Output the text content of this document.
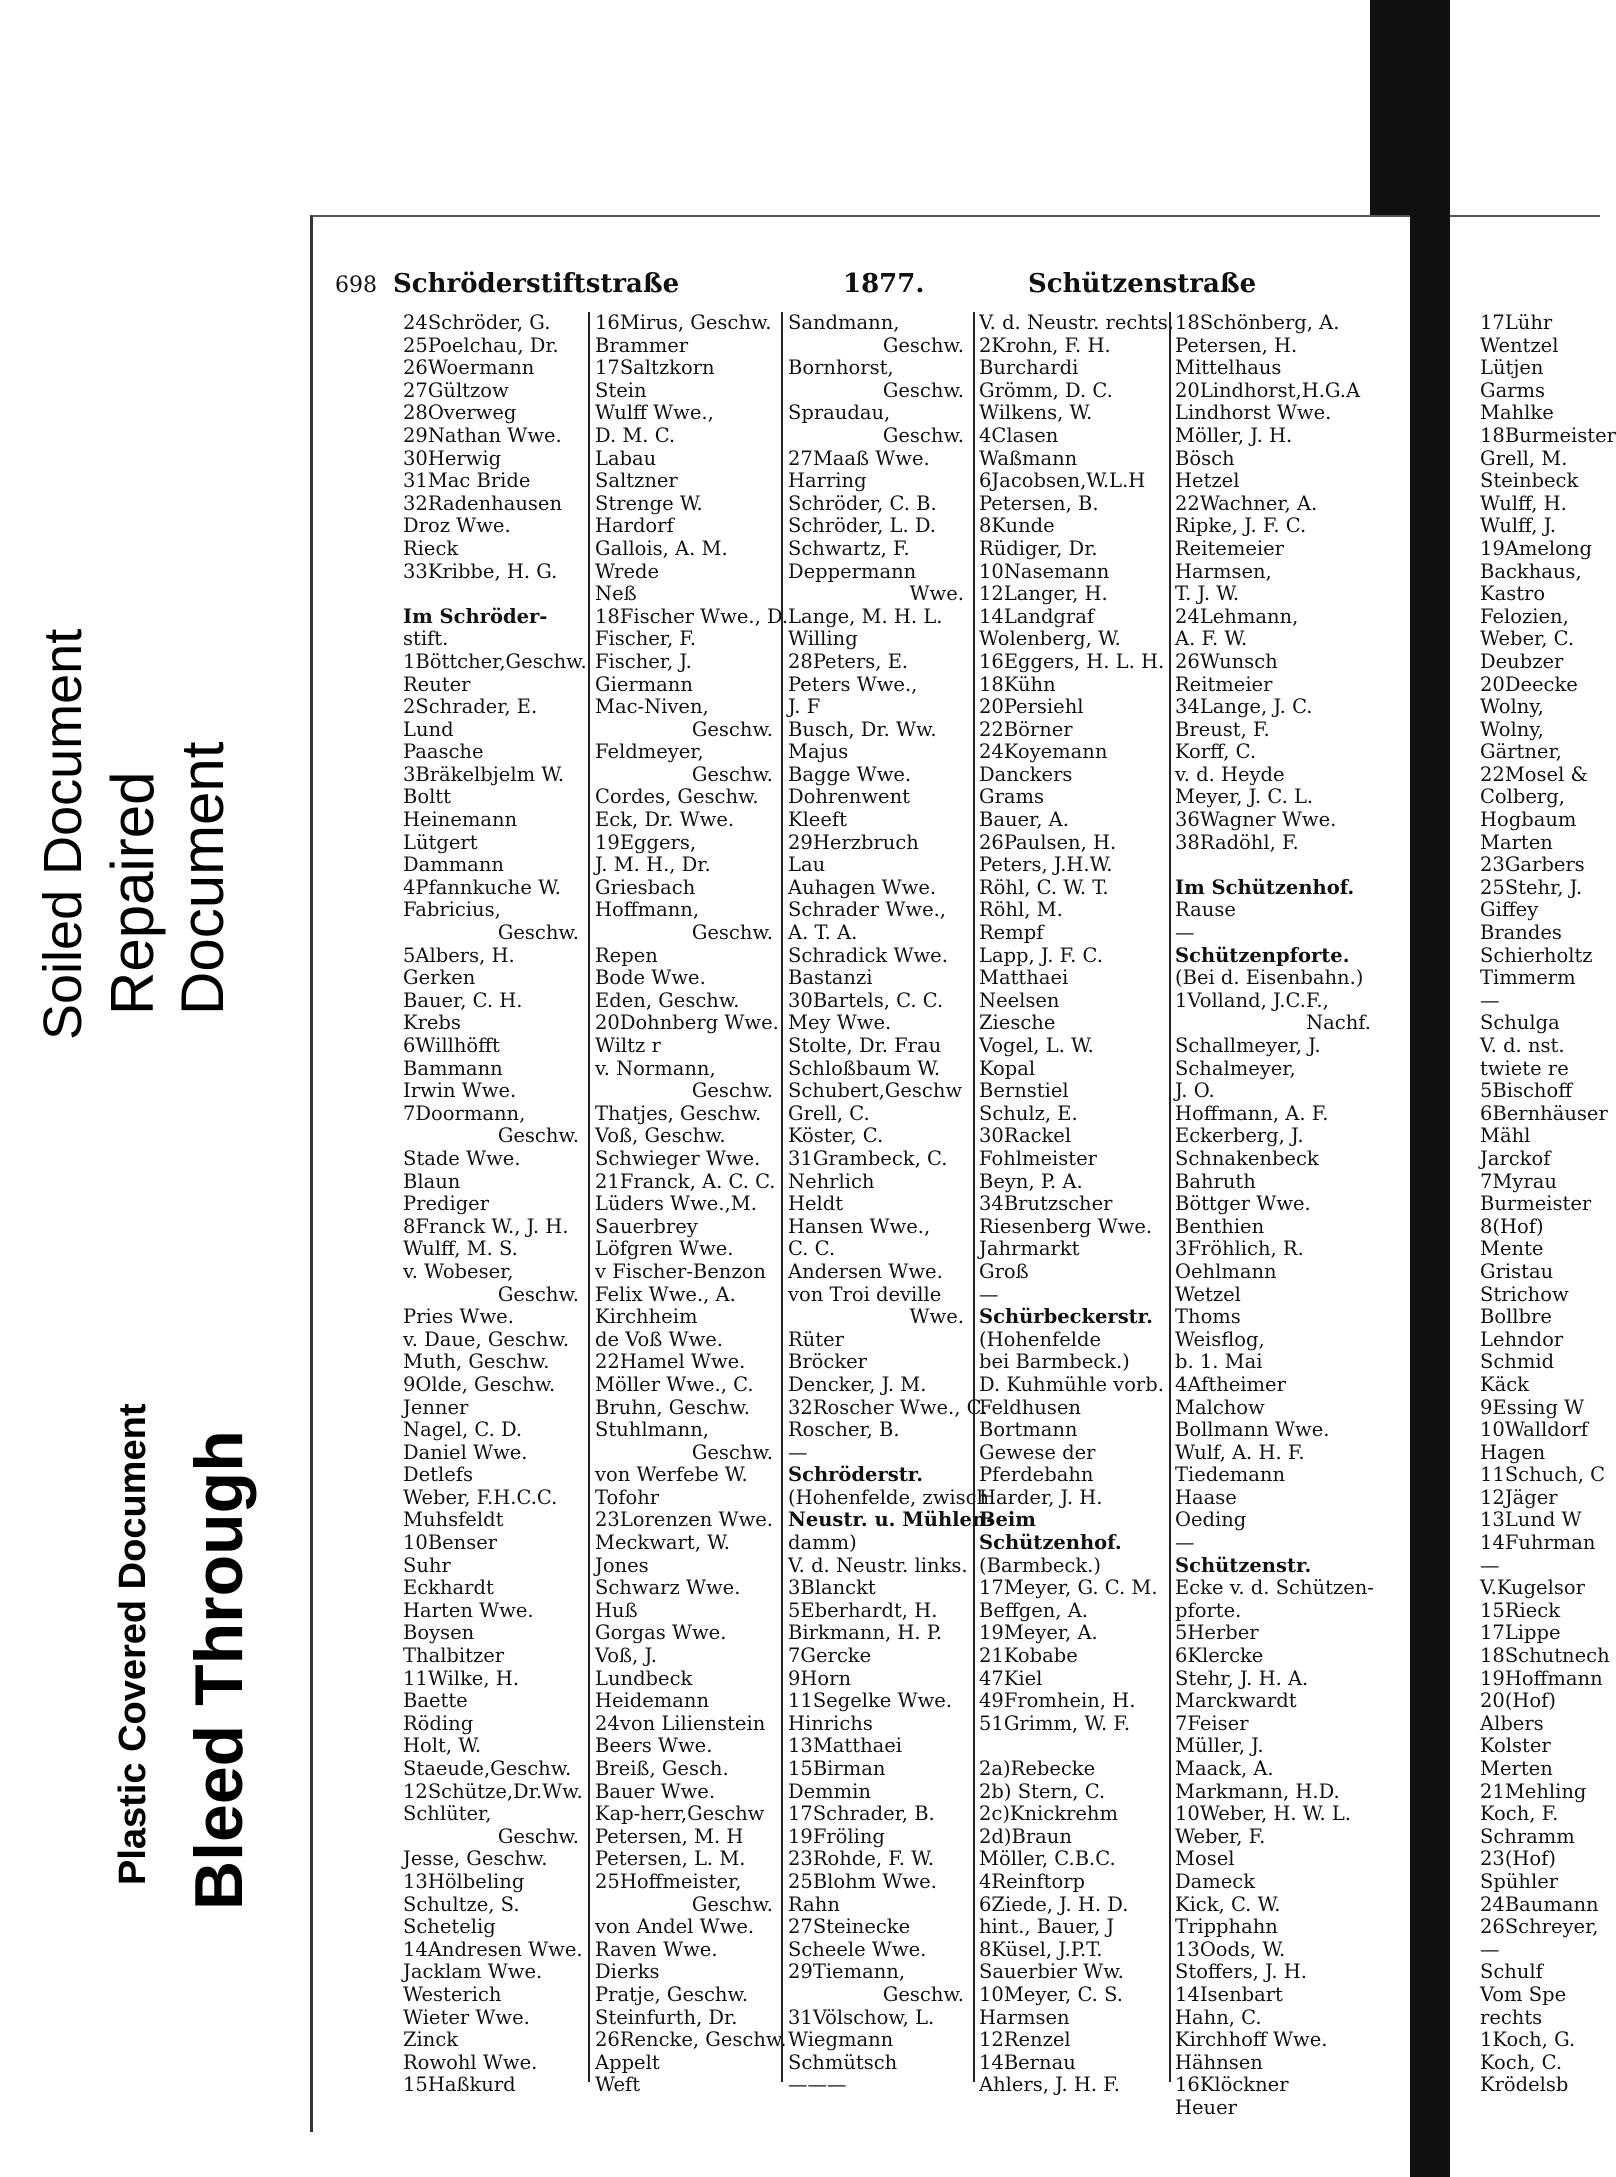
Soiled Document Repaired Document
Plastic Covered Document Bleed Through
698 Schröderstiftstraße	1877.	Schützenstraße
24Schröder, G.
25Poelchau, Dr.
26Woermann
27Gültzow
28Overweg
29Nathan Wwe.
30Herwig
31Mac Bride
32Radenhausen
Droz Wwe.
Rieck
33Kribbe, H. G.
Im Schröder-
stift.
1Böttcher,Geschw.
Reuter
2Schrader, E.
Lund
Paasche
3Bräkelbjelm W.
Boltt
Heinemann
Lütgert
Dammann
4Pfannkuche W.
Fabricius,
Geschw.
5Albers, H.
Gerken
Bauer, C. H.
Krebs
6Willhöfft
Bammann
Irwin Wwe.
7Doormann,
Geschw.
Stade Wwe.
Blaun
Prediger
8Franck W., J. H.
Wulff, M. S.
v. Wobeser,
Geschw.
Pries Wwe.
v. Daue, Geschw.
Muth, Geschw.
9Olde, Geschw.
Jenner
Nagel, C. D.
Daniel Wwe.
Detlefs
Weber, F.H.C.C.
Muhsfeldt
10Benser
Suhr
Eckhardt
Harten Wwe.
Boysen
Thalbitzer
11Wilke, H.
Baette
Röding
Holt, W.
Staeude,Geschw.
12Schütze,Dr.Ww.
Schlüter,
Geschw.
Jesse, Geschw.
13Hölbeling
Schultze, S.
Schetelig
14Andresen Wwe.
Jacklam Wwe.
Westerich
Wieter Wwe.
Zinck
Rowohl Wwe.
15Haßkurd
16Mirus, Geschw.
Brammer
17Saltzkorn
Stein
Wulff Wwe.,
D. M. C.
Labau
Saltzner
Strenge W.
Hardorf
Gallois, A. M.
Wrede
Neß
18Fischer Wwe., D.
Fischer, F.
Fischer, J.
Giermann
Mac-Niven,
Geschw.
Feldmeyer,
Geschw.
Cordes, Geschw.
Eck, Dr. Wwe.
19Eggers,
J. M. H., Dr.
Griesbach
Hoffmann,
Geschw.
Repen
Bode Wwe.
Eden, Geschw.
20Dohnberg Wwe.
Wiltz r
v. Normann,
Geschw.
Thatjes, Geschw.
Voß, Geschw.
Schwieger Wwe.
21Franck, A. C. C.
Lüders Wwe.,M.
Sauerbrey
Löfgren Wwe.
v Fischer-Benzon
Felix Wwe., A.
Kirchheim
de Voß Wwe.
22Hamel Wwe.
Möller Wwe., C.
Bruhn, Geschw.
Stuhlmann,
Geschw.
von Werfebe W.
Tofohr
23Lorenzen Wwe.
Meckwart, W.
Jones
Schwarz Wwe.
Huß
Gorgas Wwe.
Voß, J.
Lundbeck
Heidemann
24von Lilienstein
Beers Wwe.
Breiß, Gesch.
Bauer Wwe.
Kap-herr,Geschw
Petersen, M. H
Petersen, L. M.
25Hoffmeister,
Geschw.
von Andel Wwe.
Raven Wwe.
Dierks
Pratje, Geschw.
Steinfurth, Dr.
26Rencke, Geschw.
Appelt
Weft
Sandmann,
Geschw.
Bornhorst,
Geschw.
Spraudau,
Geschw.
27Maaß Wwe.
Harring
Schröder, C. B.
Schröder, L. D.
Schwartz, F.
Deppermann
Wwe.
Lange, M. H. L.
Willing
28Peters, E.
Peters Wwe.,
J. F
Busch, Dr. Ww.
Majus
Bagge Wwe.
Dohrenwent
Kleeft
29Herzbruch
Lau
Auhagen Wwe.
Schrader Wwe.,
A. T. A.
Schradick Wwe.
Bastanzi
30Bartels, C. C.
Mey Wwe.
Stolte, Dr. Frau
Schloßbaum W.
Schubert,Geschw
Grell, C.
Köster, C.
31Grambeck, C.
Nehrlich
Heldt
Hansen Wwe.,
C. C.
Andersen Wwe.
von Troi deville
Wwe.
Rüter
Bröcker
Dencker, J. M.
32Roscher Wwe., C.
Roscher, B.
—
Schröderstr.
(Hohenfelde, zwisch.
Neustr. u. Mühlen-
damm)
V. d. Neustr. links.
3Blanckt
5Eberhardt, H.
Birkmann, H. P.
7Gercke
9Horn
11Segelke Wwe.
Hinrichs
13Matthaei
15Birman
Demmin
17Schrader, B.
19Fröling
23Rohde, F. W.
25Blohm Wwe.
Rahn
27Steinecke
Scheele Wwe.
29Tiemann,
Geschw.
31Völschow, L.
Wiegmann
Schmütsch
———
V. d. Neustr. rechts.
2Krohn, F. H.
Burchardi
Grömm, D. C.
Wilkens, W.
4Clasen
Waßmann
6Jacobsen,W.L.H
Petersen, B.
8Kunde
Rüdiger, Dr.
10Nasemann
12Langer, H.
14Landgraf
Wolenberg, W.
16Eggers, H. L. H.
18Kühn
20Persiehl
22Börner
24Koyemann
Danckers
Grams
Bauer, A.
26Paulsen, H.
Peters, J.H.W.
Röhl, C. W. T.
Röhl, M.
Rempf
Lapp, J. F. C.
Matthaei
Neelsen
Ziesche
Vogel, L. W.
Kopal
Bernstiel
Schulz, E.
30Rackel
Fohlmeister
Beyn, P. A.
34Brutzscher
Riesenberg Wwe.
Jahrmarkt
Groß
—
Schürbeckerstr.
(Hohenfelde
bei Barmbeck.)
D. Kuhmühle vorb.
Feldhusen
Bortmann
Gewese der
Pferdebahn
Harder, J. H.
Beim
Schützenhof.
(Barmbeck.)
17Meyer, G. C. M.
Beffgen, A.
19Meyer, A.
21Kobabe
47Kiel
49Fromhein, H.
51Grimm, W. F.
2a)Rebecke
2b) Stern, C.
2c)Knickrehm
2d)Braun
Möller, C.B.C.
4Reinftorp
6Ziede, J. H. D.
hint., Bauer, J
8Küsel, J.P.T.
Sauerbier Ww.
10Meyer, C. S.
Harmsen
12Renzel
14Bernau
Ahlers, J. H. F.
18Schönberg, A.
Petersen, H.
Mittelhaus
20Lindhorst,H.G.A
Lindhorst Wwe.
Möller, J. H.
Bösch
Hetzel
22Wachner, A.
Ripke, J. F. C.
Reitemeier
Harmsen,
T. J. W.
24Lehmann,
A. F. W.
26Wunsch
Reitmeier
34Lange, J. C.
Breust, F.
Korff, C.
v. d. Heyde
Meyer, J. C. L.
36Wagner Wwe.
38Radöhl, F.
Im Schützenhof.
Rause
—
Schützenpforte.
(Bei d. Eisenbahn.)
1Volland, J.C.F.,
Nachf.
Schallmeyer, J.
Schalmeyer,
J. O.
Hoffmann, A. F.
Eckerberg, J.
Schnakenbeck
Bahruth
Böttger Wwe.
Benthien
3Fröhlich, R.
Oehlmann
Wetzel
Thoms
Weisflog,
b. 1. Mai
4Aftheimer
Malchow
Bollmann Wwe.
Wulf, A. H. F.
Tiedemann
Haase
Oeding
—
Schützenstr.
Ecke v. d. Schützen-
pforte.
5Herber
6Klercke
Stehr, J. H. A.
Marckwardt
7Feiser
Müller, J.
Maack, A.
Markmann, H.D.
10Weber, H. W. L.
Weber, F.
Mosel
Dameck
Kick, C. W.
Tripphahn
13Oods, W.
Stoffers, J. H.
14Isenbart
Hahn, C.
Kirchhoff Wwe.
Hähnsen
16Klöckner
Heuer
17Lühr
Wentzel
Lütjen
Garms
Mahlke
18Burmeister
Grell, M.
Steinbeck
Wulff, H.
Wulff, J.
19Amelong
Backhaus,
Kastro
Felozien,
Weber, C.
Deubzer
20Deecke
Wolny,
Wolny,
Gärtner,
22Mosel &
Colberg,
Hogbaum
Marten
23Garbers
25Stehr, J.
Giffey
Brandes
Schierholtz
Timmerm
—
Schulga
V. d. nst.
twiete re
5Bischoff
6Bernhäuser
Mähl
Jarckof
7Myrau
Burmeister
8(Hof)
Mente
Gristau
Strichow
Bollbre
Lehndor
Schmid
Käck
9Essing W
10Walldorf
Hagen
11Schuch, C
12Jäger
13Lund W
14Fuhrman
—
V.Kugelsor
15Rieck
17Lippe
18Schutnech
19Hoffmann
20(Hof)
Albers
Kolster
Merten
21Mehling
Koch, F.
Schramm
23(Hof)
Spühler
24Baumann
26Schreyer,
—
Schulf
Vom Spe
rechts
1Koch, G.
Koch, C.
Krödelsb
